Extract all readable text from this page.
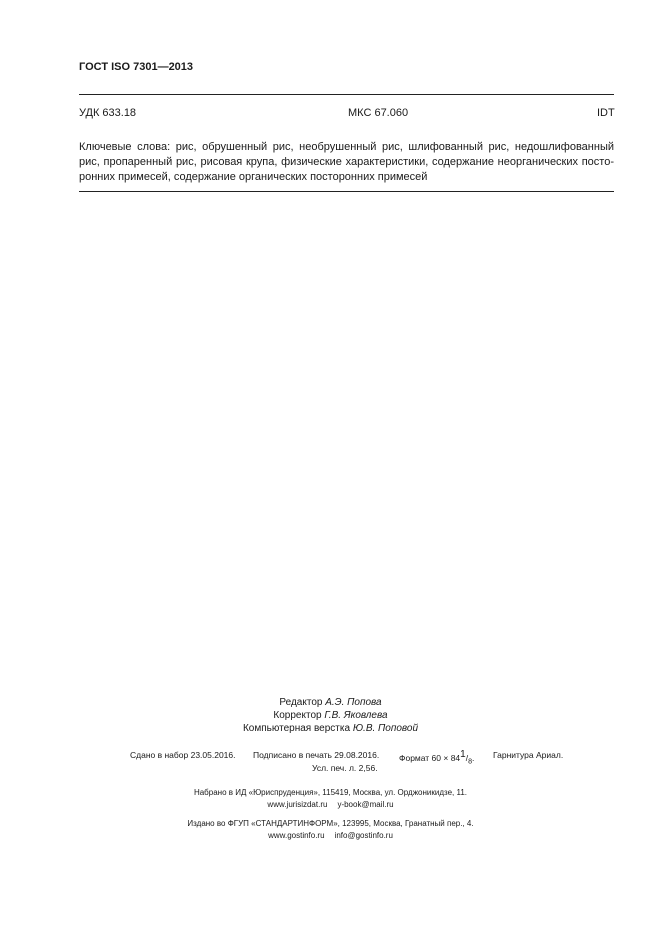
ГОСТ ISO 7301—2013
УДК 633.18	МКС 67.060	IDT
Ключевые слова: рис, обрушенный рис, необрушенный рис, шлифованный рис, недошлифованный
рис, пропаренный рис, рисовая крупа, физические характеристики, содержание неорганических посто-
ронних примесей, содержание органических посторонних примесей
Редактор А.Э. Попова
Корректор Г.В. Яковлева
Компьютерная верстка Ю.В. Поповой
Сдано в набор 23.05.2016. Подписано в печать 29.08.2016. Формат $60 \times 84^1/_8$. Гарнитура Ариал.
Усл. печ. л. 2,56.
Набрано в ИД «Юриспруденция», 115419, Москва, ул. Орджоникидзе, 11.
www.jurisizdat.ru y-book@mail.ru
Издано во ФГУП «СТАНДАРТИНФОРМ», 123995, Москва, Гранатный пер., 4.
www.gostinfo.ru info@gostinfo.ru
